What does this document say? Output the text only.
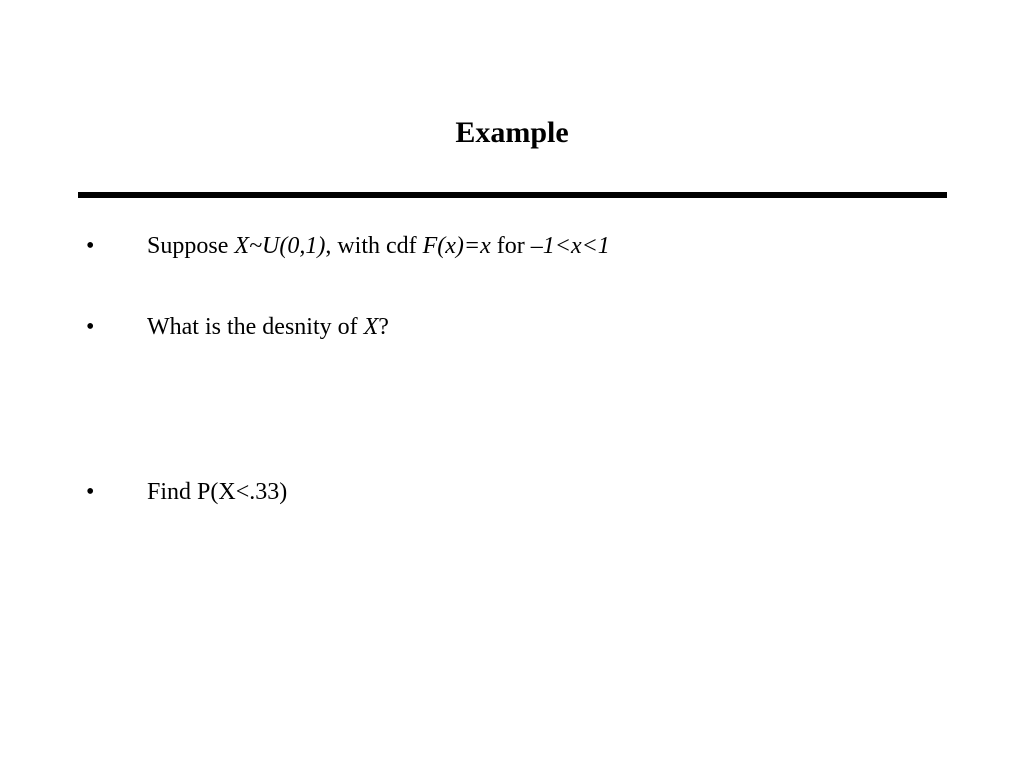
Example
• Suppose X~U(0,1), with cdf F(x)=x for –1<x<1
• What is the desnity of X?
• Find P(X<.33)
